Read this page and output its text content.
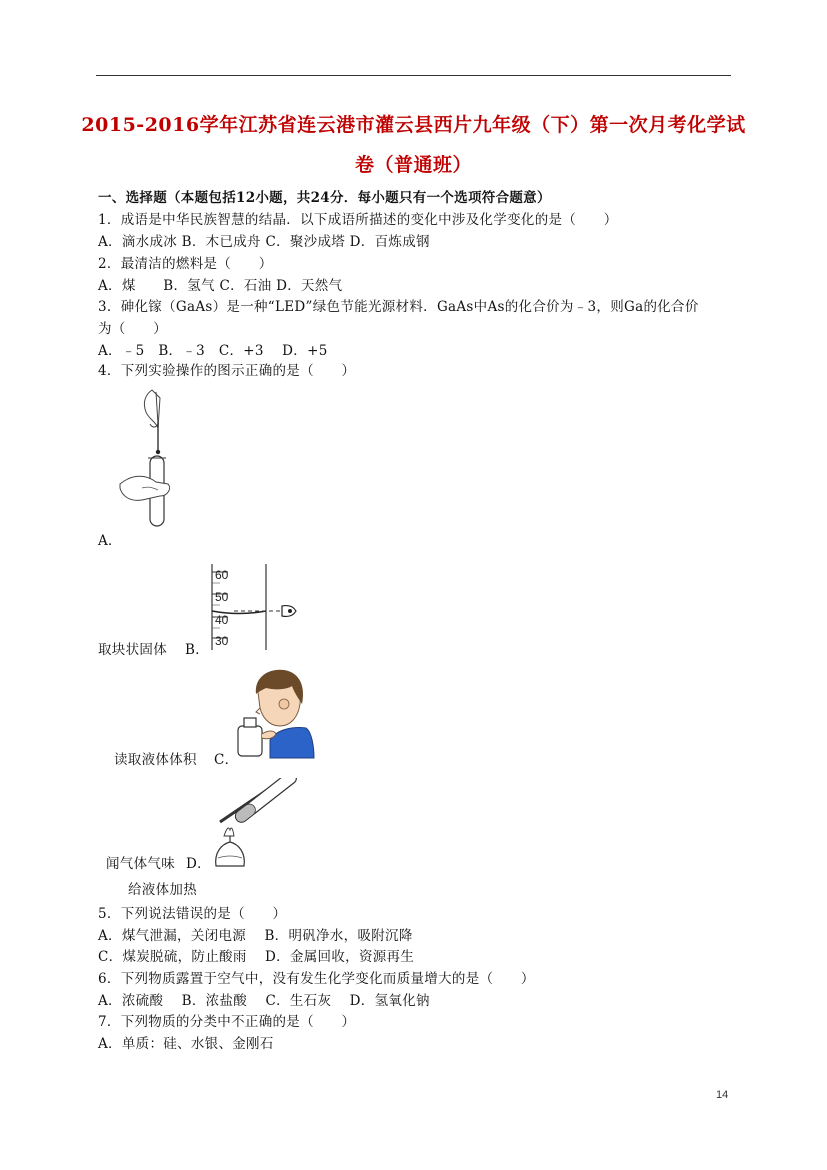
2015-2016学年江苏省连云港市灌云县西片九年级（下）第一次月考化学试
卷（普通班）
一、选择题（本题包括12小题，共24分．每小题只有一个选项符合题意）
1．成语是中华民族智慧的结晶．以下成语所描述的变化中涉及化学变化的是（　　）
A．滴水成冰 B．木已成舟 C．聚沙成塔 D．百炼成钢
2．最清洁的燃料是（　　）
A．煤　　B．氢气 C．石油 D．天然气
3．砷化镓（GaAs）是一种“LED”绿色节能光源材料．GaAs中As的化合价为﹣3，则Ga的化合价
为（　　）
A．﹣5　B．﹣3　C．+3　 D．+5
4．下列实验操作的图示正确的是（　　）
A．
60
50
40
30
取块状固体 B．
读取液体体积 C．
闻气体气味 D．
给液体加热
5．下列说法错误的是（　　）
A．煤气泄漏，关闭电源　 B．明矾净水，吸附沉降
C．煤炭脱硫，防止酸雨　 D．金属回收，资源再生
6．下列物质露置于空气中，没有发生化学变化而质量增大的是（　　）
A．浓硫酸　 B．浓盐酸　 C．生石灰　 D．氢氧化钠
7．下列物质的分类中不正确的是（　　）
A．单质：硅、水银、金刚石
14
